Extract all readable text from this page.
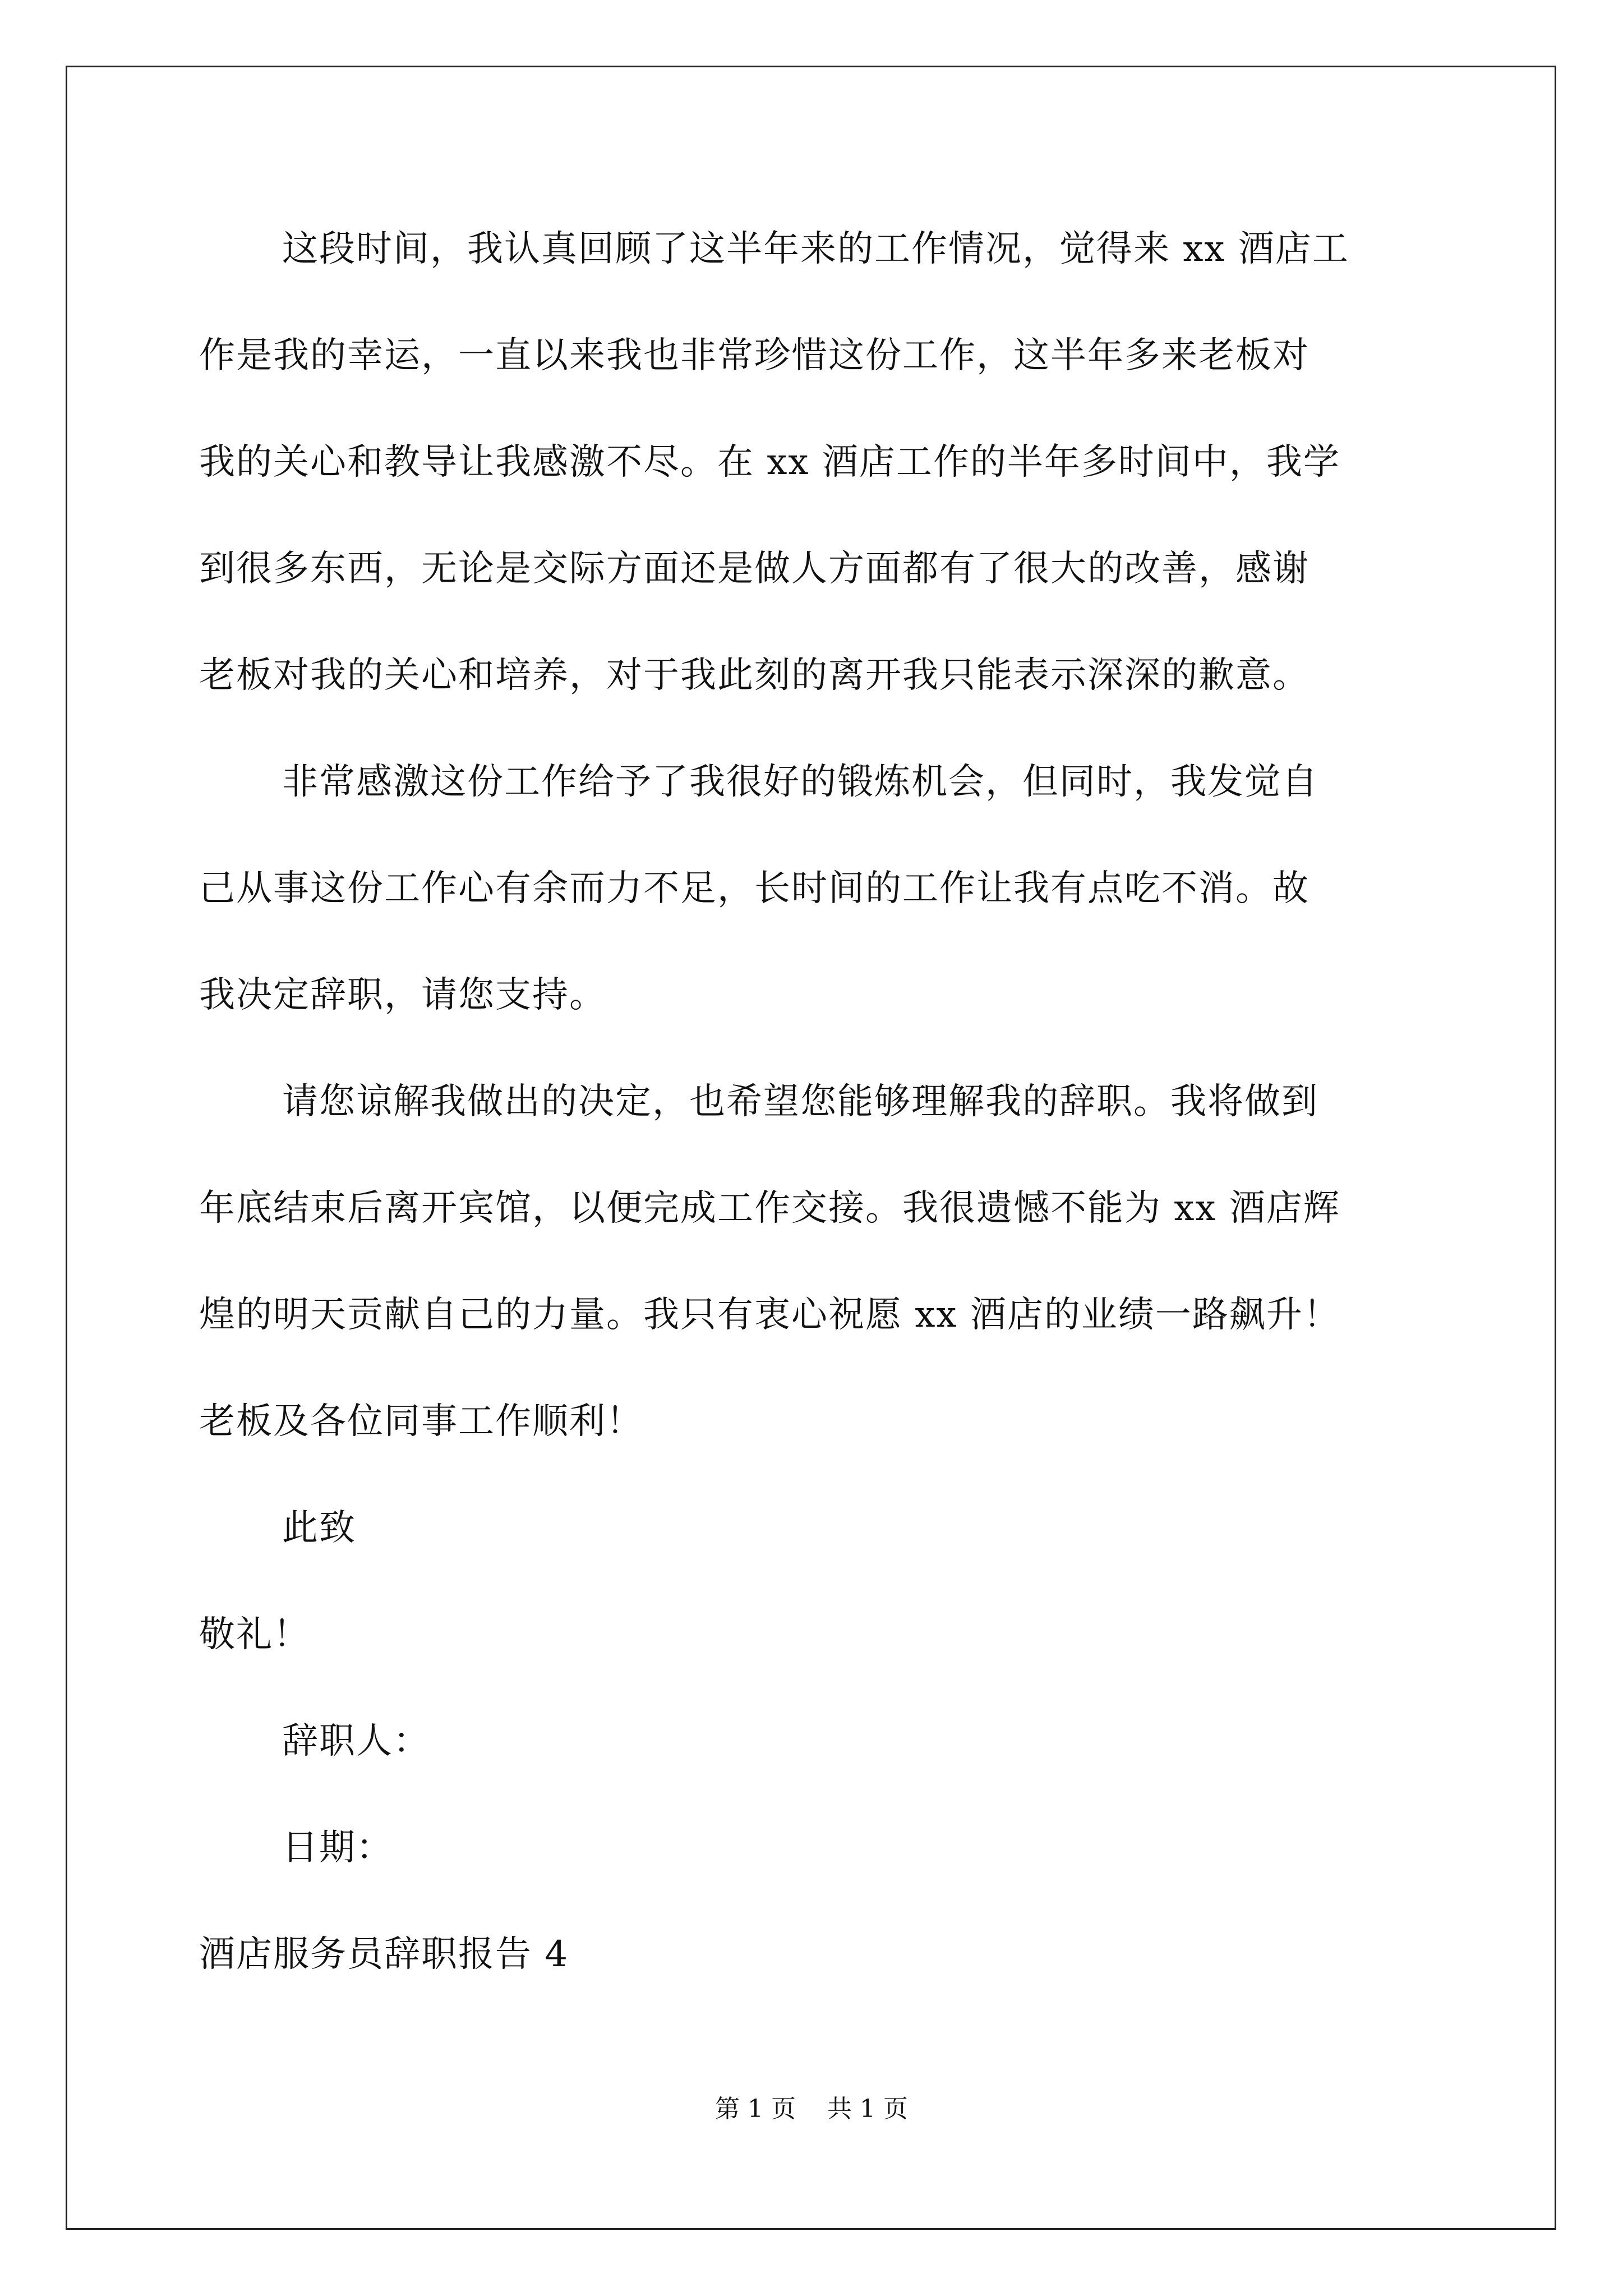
这段时间，我认真回顾了这半年来的工作情况，觉得来 xx 酒店工
作是我的幸运，一直以来我也非常珍惜这份工作，这半年多来老板对
我的关心和教导让我感激不尽。在 xx 酒店工作的半年多时间中，我学
到很多东西，无论是交际方面还是做人方面都有了很大的改善，感谢
老板对我的关心和培养，对于我此刻的离开我只能表示深深的歉意。
非常感激这份工作给予了我很好的锻炼机会，但同时，我发觉自
己从事这份工作心有余而力不足，长时间的工作让我有点吃不消。故
我决定辞职，请您支持。
请您谅解我做出的决定，也希望您能够理解我的辞职。我将做到
年底结束后离开宾馆，以便完成工作交接。我很遗憾不能为 xx 酒店辉
煌的明天贡献自己的力量。我只有衷心祝愿 xx 酒店的业绩一路飙升！
老板及各位同事工作顺利！
此致
敬礼！
辞职人：
日期：
酒店服务员辞职报告 4
第 1 页    共 1 页
